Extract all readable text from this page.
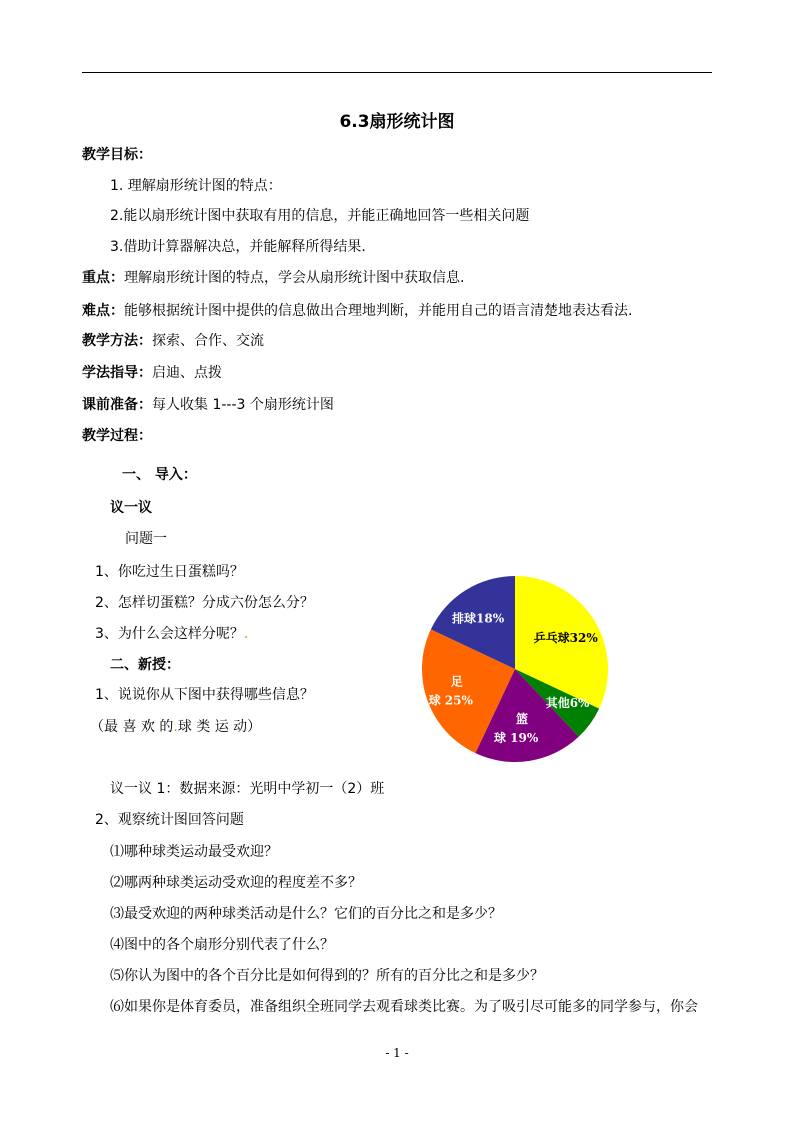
6.3扇形统计图
教学目标：
1. 理解扇形统计图的特点：
2.能以扇形统计图中获取有用的信息，并能正确地回答一些相关问题
3.借助计算器解决总，并能解释所得结果.
重点：理解扇形统计图的特点，学会从扇形统计图中获取信息.
难点：能够根据统计图中提供的信息做出合理地判断，并能用自己的语言清楚地表达看法.
教学方法：探索、合作、交流
学法指导：启迪、点拨
课前准备：每人收集 1---3 个扇形统计图
教学过程：
一、 导入：
议一议
问题一
1、你吃过生日蛋糕吗？
2、怎样切蛋糕？分成六份怎么分？
3、为什么会这样分呢？.
二、新授：
1、说说你从下图中获得哪些信息？
（最 喜 欢 的.球 类 运 动）
乒乓球32%
其他6%
篮 球 19%
足 球 25%
排球18%
议一议 1：数据来源：光明中学初一（2）班
2、观察统计图回答问题
⑴哪种球类运动最受欢迎？
⑵哪两种球类运动受欢迎的程度差不多？
⑶最受欢迎的两种球类活动是什么？它们的百分比之和是多少？
⑷图中的各个扇形分别代表了什么？
⑸你认为图中的各个百分比是如何得到的？所有的百分比之和是多少？
⑹如果你是体育委员，准备组织全班同学去观看球类比赛。为了吸引尽可能多的同学参与，你会
- 1 -
